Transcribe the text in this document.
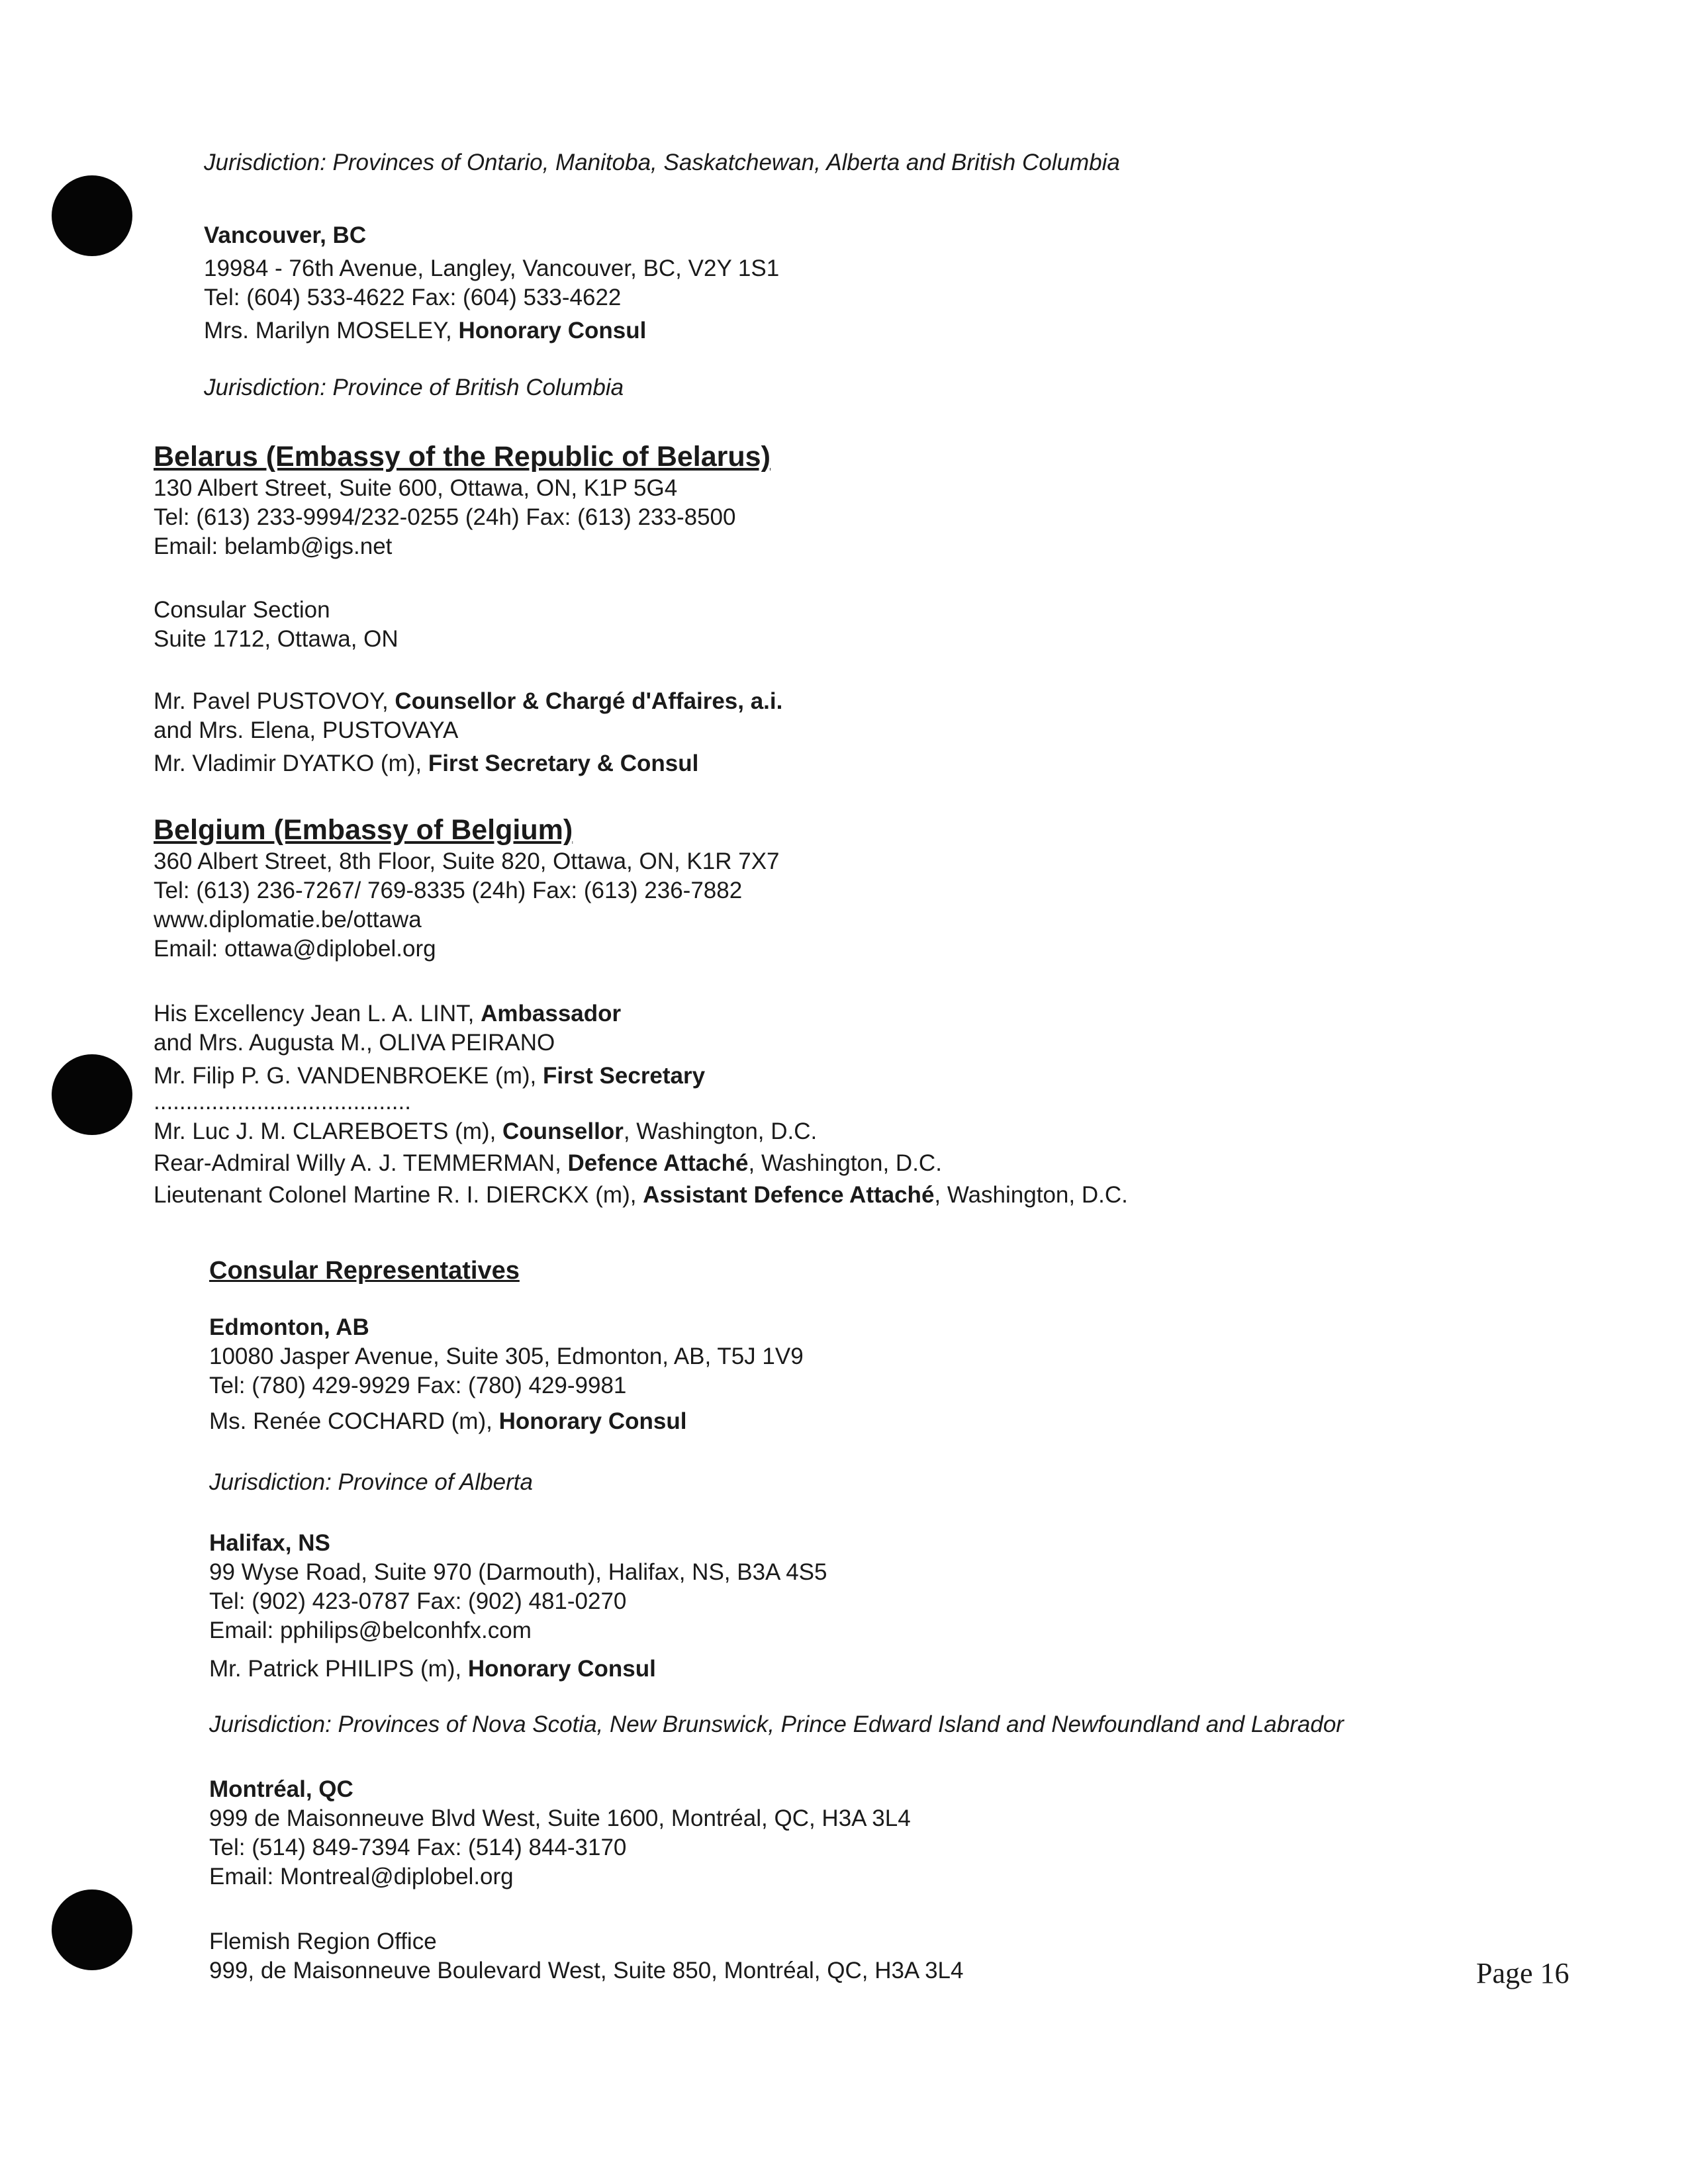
Jurisdiction: Provinces of Ontario, Manitoba, Saskatchewan, Alberta and British Columbia
Vancouver, BC
19984 - 76th Avenue, Langley, Vancouver, BC, V2Y 1S1
Tel: (604) 533-4622 Fax: (604) 533-4622
Mrs. Marilyn MOSELEY, Honorary Consul
Jurisdiction: Province of British Columbia
Belarus (Embassy of the Republic of Belarus)
130 Albert Street, Suite 600, Ottawa, ON, K1P 5G4
Tel: (613) 233-9994/232-0255 (24h) Fax: (613) 233-8500
Email: belamb@igs.net
Consular Section
Suite 1712, Ottawa, ON
Mr. Pavel PUSTOVOY, Counsellor & Chargé d'Affaires, a.i.
and Mrs. Elena, PUSTOVAYA
Mr. Vladimir DYATKO (m), First Secretary & Consul
Belgium (Embassy of Belgium)
360 Albert Street, 8th Floor, Suite 820, Ottawa, ON, K1R 7X7
Tel: (613) 236-7267/ 769-8335 (24h) Fax: (613) 236-7882
www.diplomatie.be/ottawa
Email: ottawa@diplobel.org
His Excellency Jean L. A. LINT, Ambassador
and Mrs. Augusta M., OLIVA PEIRANO
Mr. Filip P. G. VANDENBROEKE (m), First Secretary
........................................
Mr. Luc J. M. CLAREBOETS (m), Counsellor, Washington, D.C.
Rear-Admiral Willy A. J. TEMMERMAN, Defence Attaché, Washington, D.C.
Lieutenant Colonel Martine R. I. DIERCKX (m), Assistant Defence Attaché, Washington, D.C.
Consular Representatives
Edmonton, AB
10080 Jasper Avenue, Suite 305, Edmonton, AB, T5J 1V9
Tel: (780) 429-9929 Fax: (780) 429-9981
Ms. Renée COCHARD (m), Honorary Consul
Jurisdiction: Province of Alberta
Halifax, NS
99 Wyse Road, Suite 970 (Darmouth), Halifax, NS, B3A 4S5
Tel: (902) 423-0787 Fax: (902) 481-0270
Email: pphilips@belconhfx.com
Mr. Patrick PHILIPS (m), Honorary Consul
Jurisdiction: Provinces of Nova Scotia, New Brunswick, Prince Edward Island and Newfoundland and Labrador
Montréal, QC
999 de Maisonneuve Blvd West, Suite 1600, Montréal, QC, H3A 3L4
Tel: (514) 849-7394 Fax: (514) 844-3170
Email: Montreal@diplobel.org
Flemish Region Office
999, de Maisonneuve Boulevard West, Suite 850, Montréal, QC, H3A 3L4	Page 16
